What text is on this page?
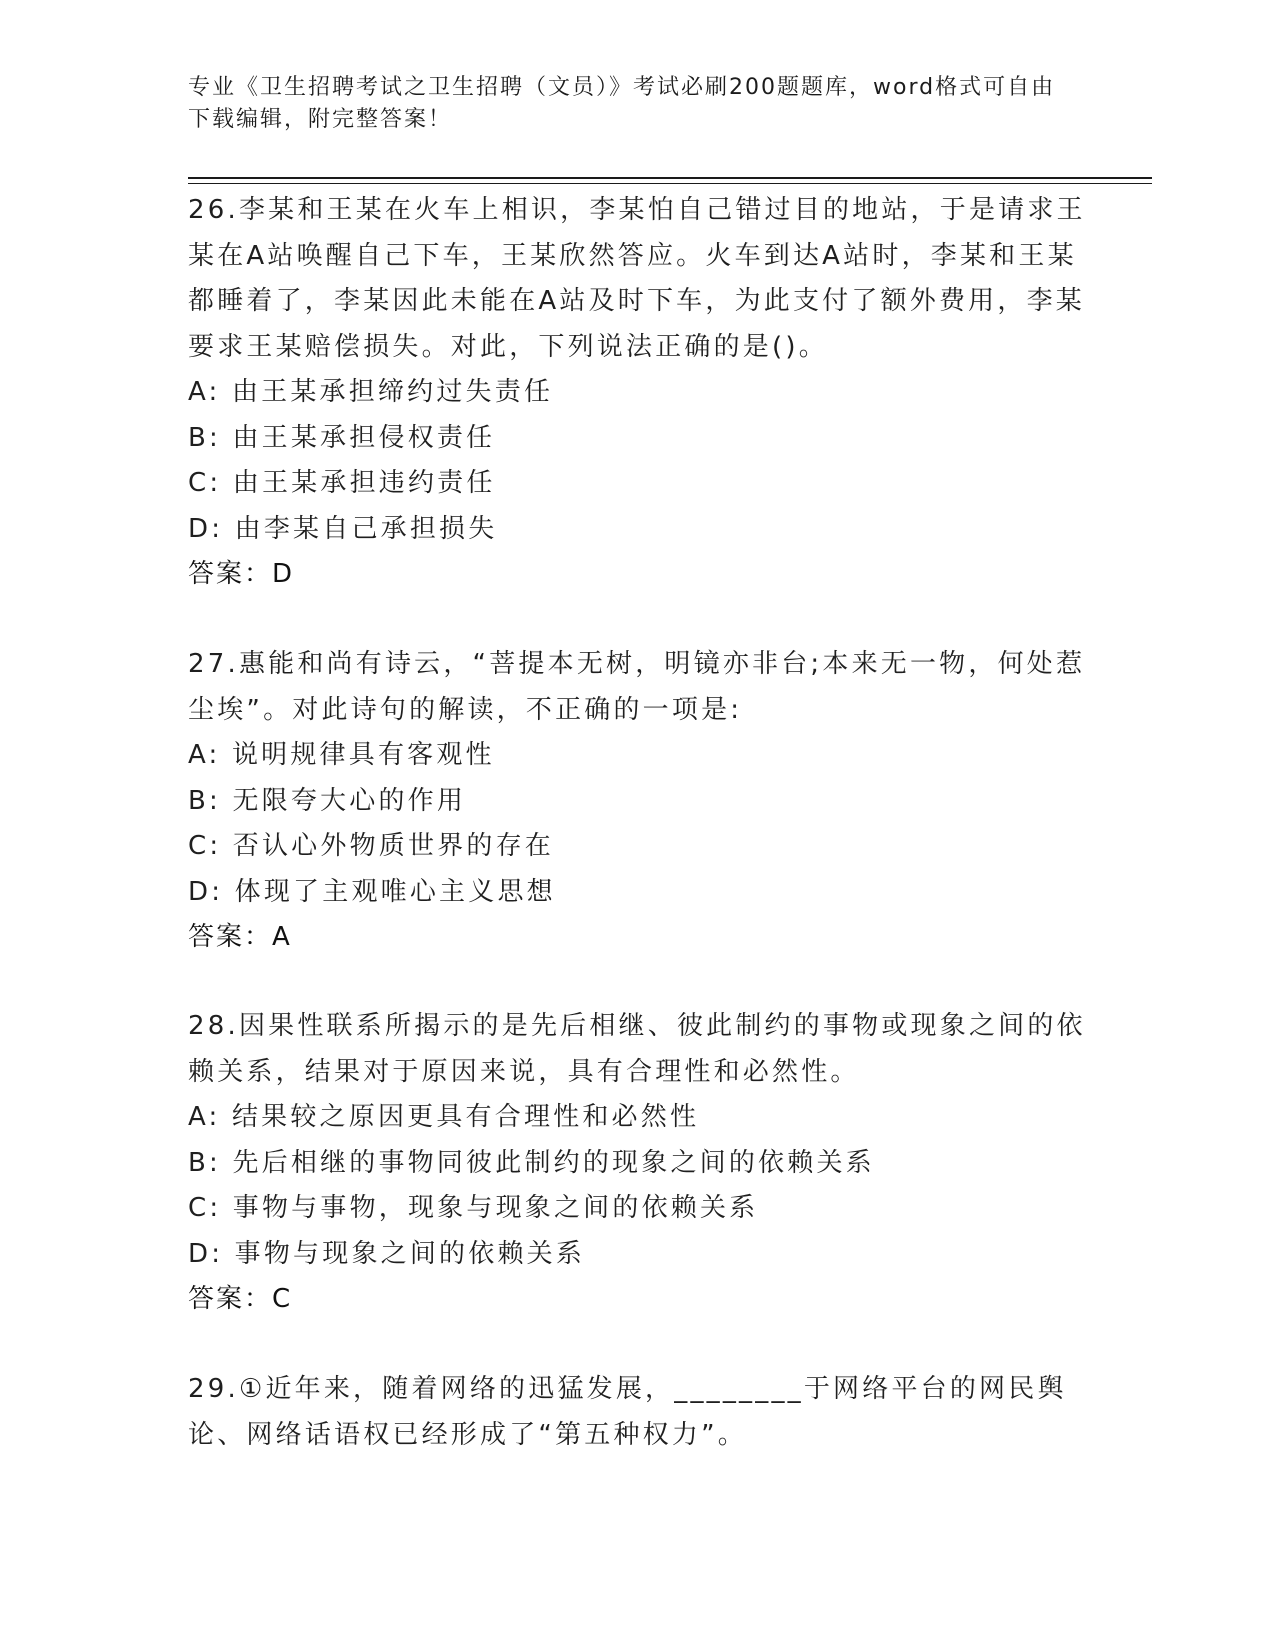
专业《卫生招聘考试之卫生招聘（文员）》考试必刷200题题库，word格式可自由下载编辑，附完整答案！
26.李某和王某在火车上相识，李某怕自己错过目的地站，于是请求王某在A站唤醒自己下车，王某欣然答应。火车到达A站时，李某和王某都睡着了，李某因此未能在A站及时下车，为此支付了额外费用，李某要求王某赔偿损失。对此，下列说法正确的是()。
A: 由王某承担缔约过失责任
B: 由王某承担侵权责任
C: 由王某承担违约责任
D: 由李某自己承担损失
答案：D
27.惠能和尚有诗云，“菩提本无树，明镜亦非台;本来无一物，何处惹尘埃”。对此诗句的解读，不正确的一项是:
A: 说明规律具有客观性
B: 无限夸大心的作用
C: 否认心外物质世界的存在
D: 体现了主观唯心主义思想
答案：A
28.因果性联系所揭示的是先后相继、彼此制约的事物或现象之间的依赖关系，结果对于原因来说，具有合理性和必然性。
A: 结果较之原因更具有合理性和必然性
B: 先后相继的事物同彼此制约的现象之间的依赖关系
C: 事物与事物，现象与现象之间的依赖关系
D: 事物与现象之间的依赖关系
答案：C
29.①近年来，随着网络的迅猛发展，________于网络平台的网民舆论、网络话语权已经形成了“第五种权力”。
